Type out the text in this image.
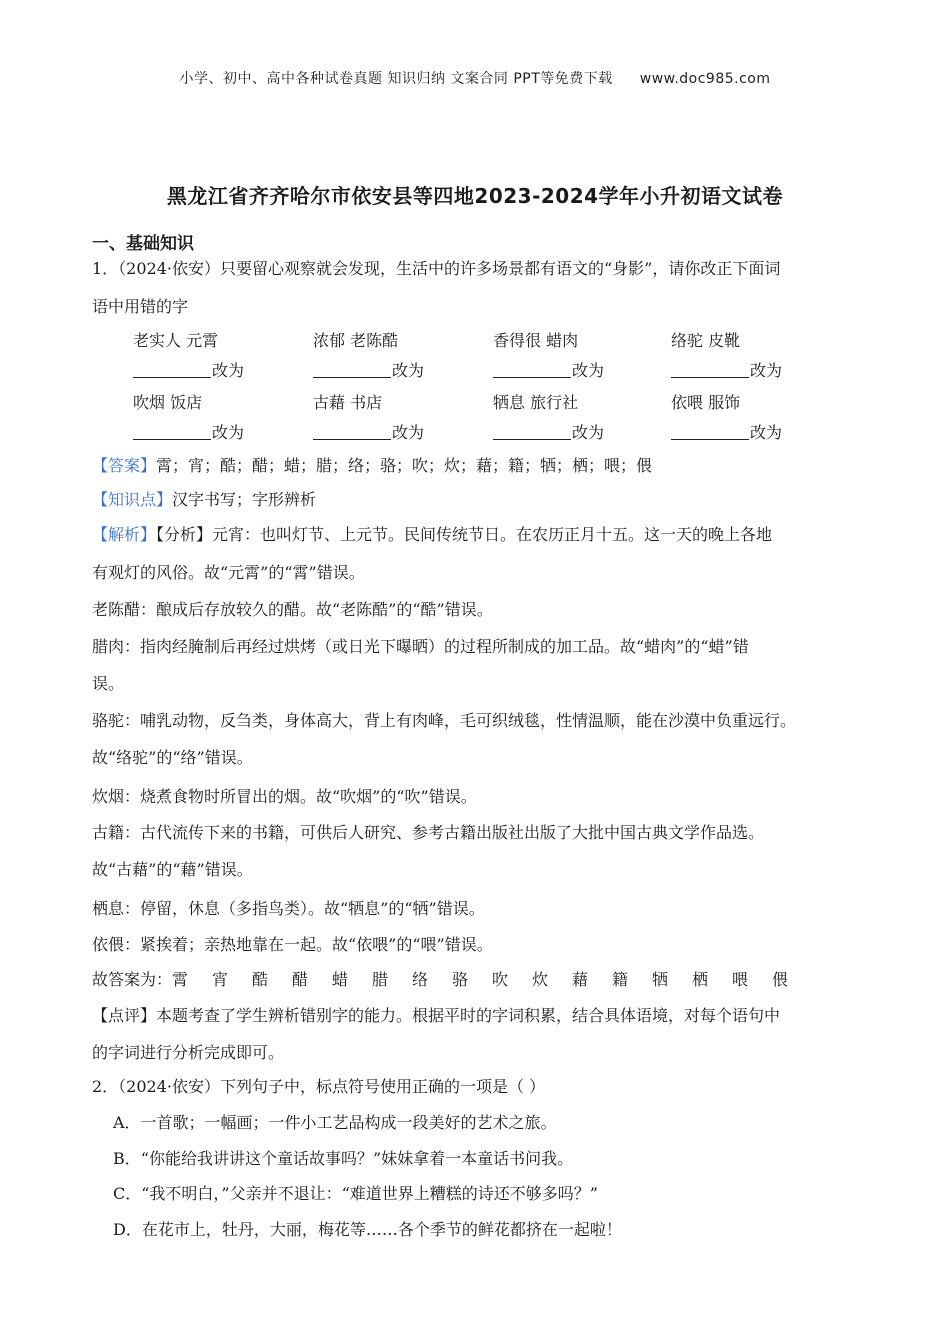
小学、初中、高中各种试卷真题 知识归纳 文案合同 PPT等免费下载 www.doc985.com
黑龙江省齐齐哈尔市依安县等四地2023-2024学年小升初语文试卷
一、基础知识
1．（2024·依安）只要留心观察就会发现，生活中的许多场景都有语文的“身影”，请你改正下面词
语中用错的字
老实人 元霄	浓郁 老陈酷	香得很 蜡肉	络驼 皮靴
改为	改为	改为	改为
吹烟 饭店	古藉 书店	牺息 旅行社	依喂 服饰
改为	改为	改为	改为
【答案】霄；宵；酷；醋；蜡；腊；络；骆；吹；炊；藉；籍；牺；栖；喂；偎
【知识点】汉字书写；字形辨析
【解析】【分析】元宵：也叫灯节、上元节。民间传统节日。在农历正月十五。这一天的晚上各地
有观灯的风俗。故“元霄”的“霄”错误。
老陈醋：酿成后存放较久的醋。故“老陈酷”的“酷”错误。
腊肉：指肉经腌制后再经过烘烤（或日光下曝晒）的过程所制成的加工品。故“蜡肉”的“蜡”错
误。
骆驼：哺乳动物，反刍类，身体高大，背上有肉峰，毛可织绒毯，性情温顺，能在沙漠中负重远行。
故“络驼”的“络”错误。
炊烟：烧煮食物时所冒出的烟。故“吹烟”的“吹”错误。
古籍：古代流传下来的书籍，可供后人研究、参考古籍出版社出版了大批中国古典文学作品选。
故“古藉”的“藉”错误。
栖息：停留，休息（多指鸟类）。故“牺息”的“牺”错误。
依偎：紧挨着；亲热地靠在一起。故“依喂”的“喂”错误。
故答案为：霄 宵 酷 醋 蜡 腊 络 骆 吹 炊 藉 籍 牺 栖 喂 偎
【点评】本题考查了学生辨析错别字的能力。根据平时的字词积累，结合具体语境，对每个语句中
的字词进行分析完成即可。
2．（2024·依安）下列句子中，标点符号使用正确的一项是（ ）
A．一首歌；一幅画；一件小工艺品构成一段美好的艺术之旅。
B．“你能给我讲讲这个童话故事吗？”妹妹拿着一本童话书问我。
C．“我不明白，”父亲并不退让：“难道世界上糟糕的诗还不够多吗？”
D．在花市上，牡丹，大丽，梅花等……各个季节的鲜花都挤在一起啦！
